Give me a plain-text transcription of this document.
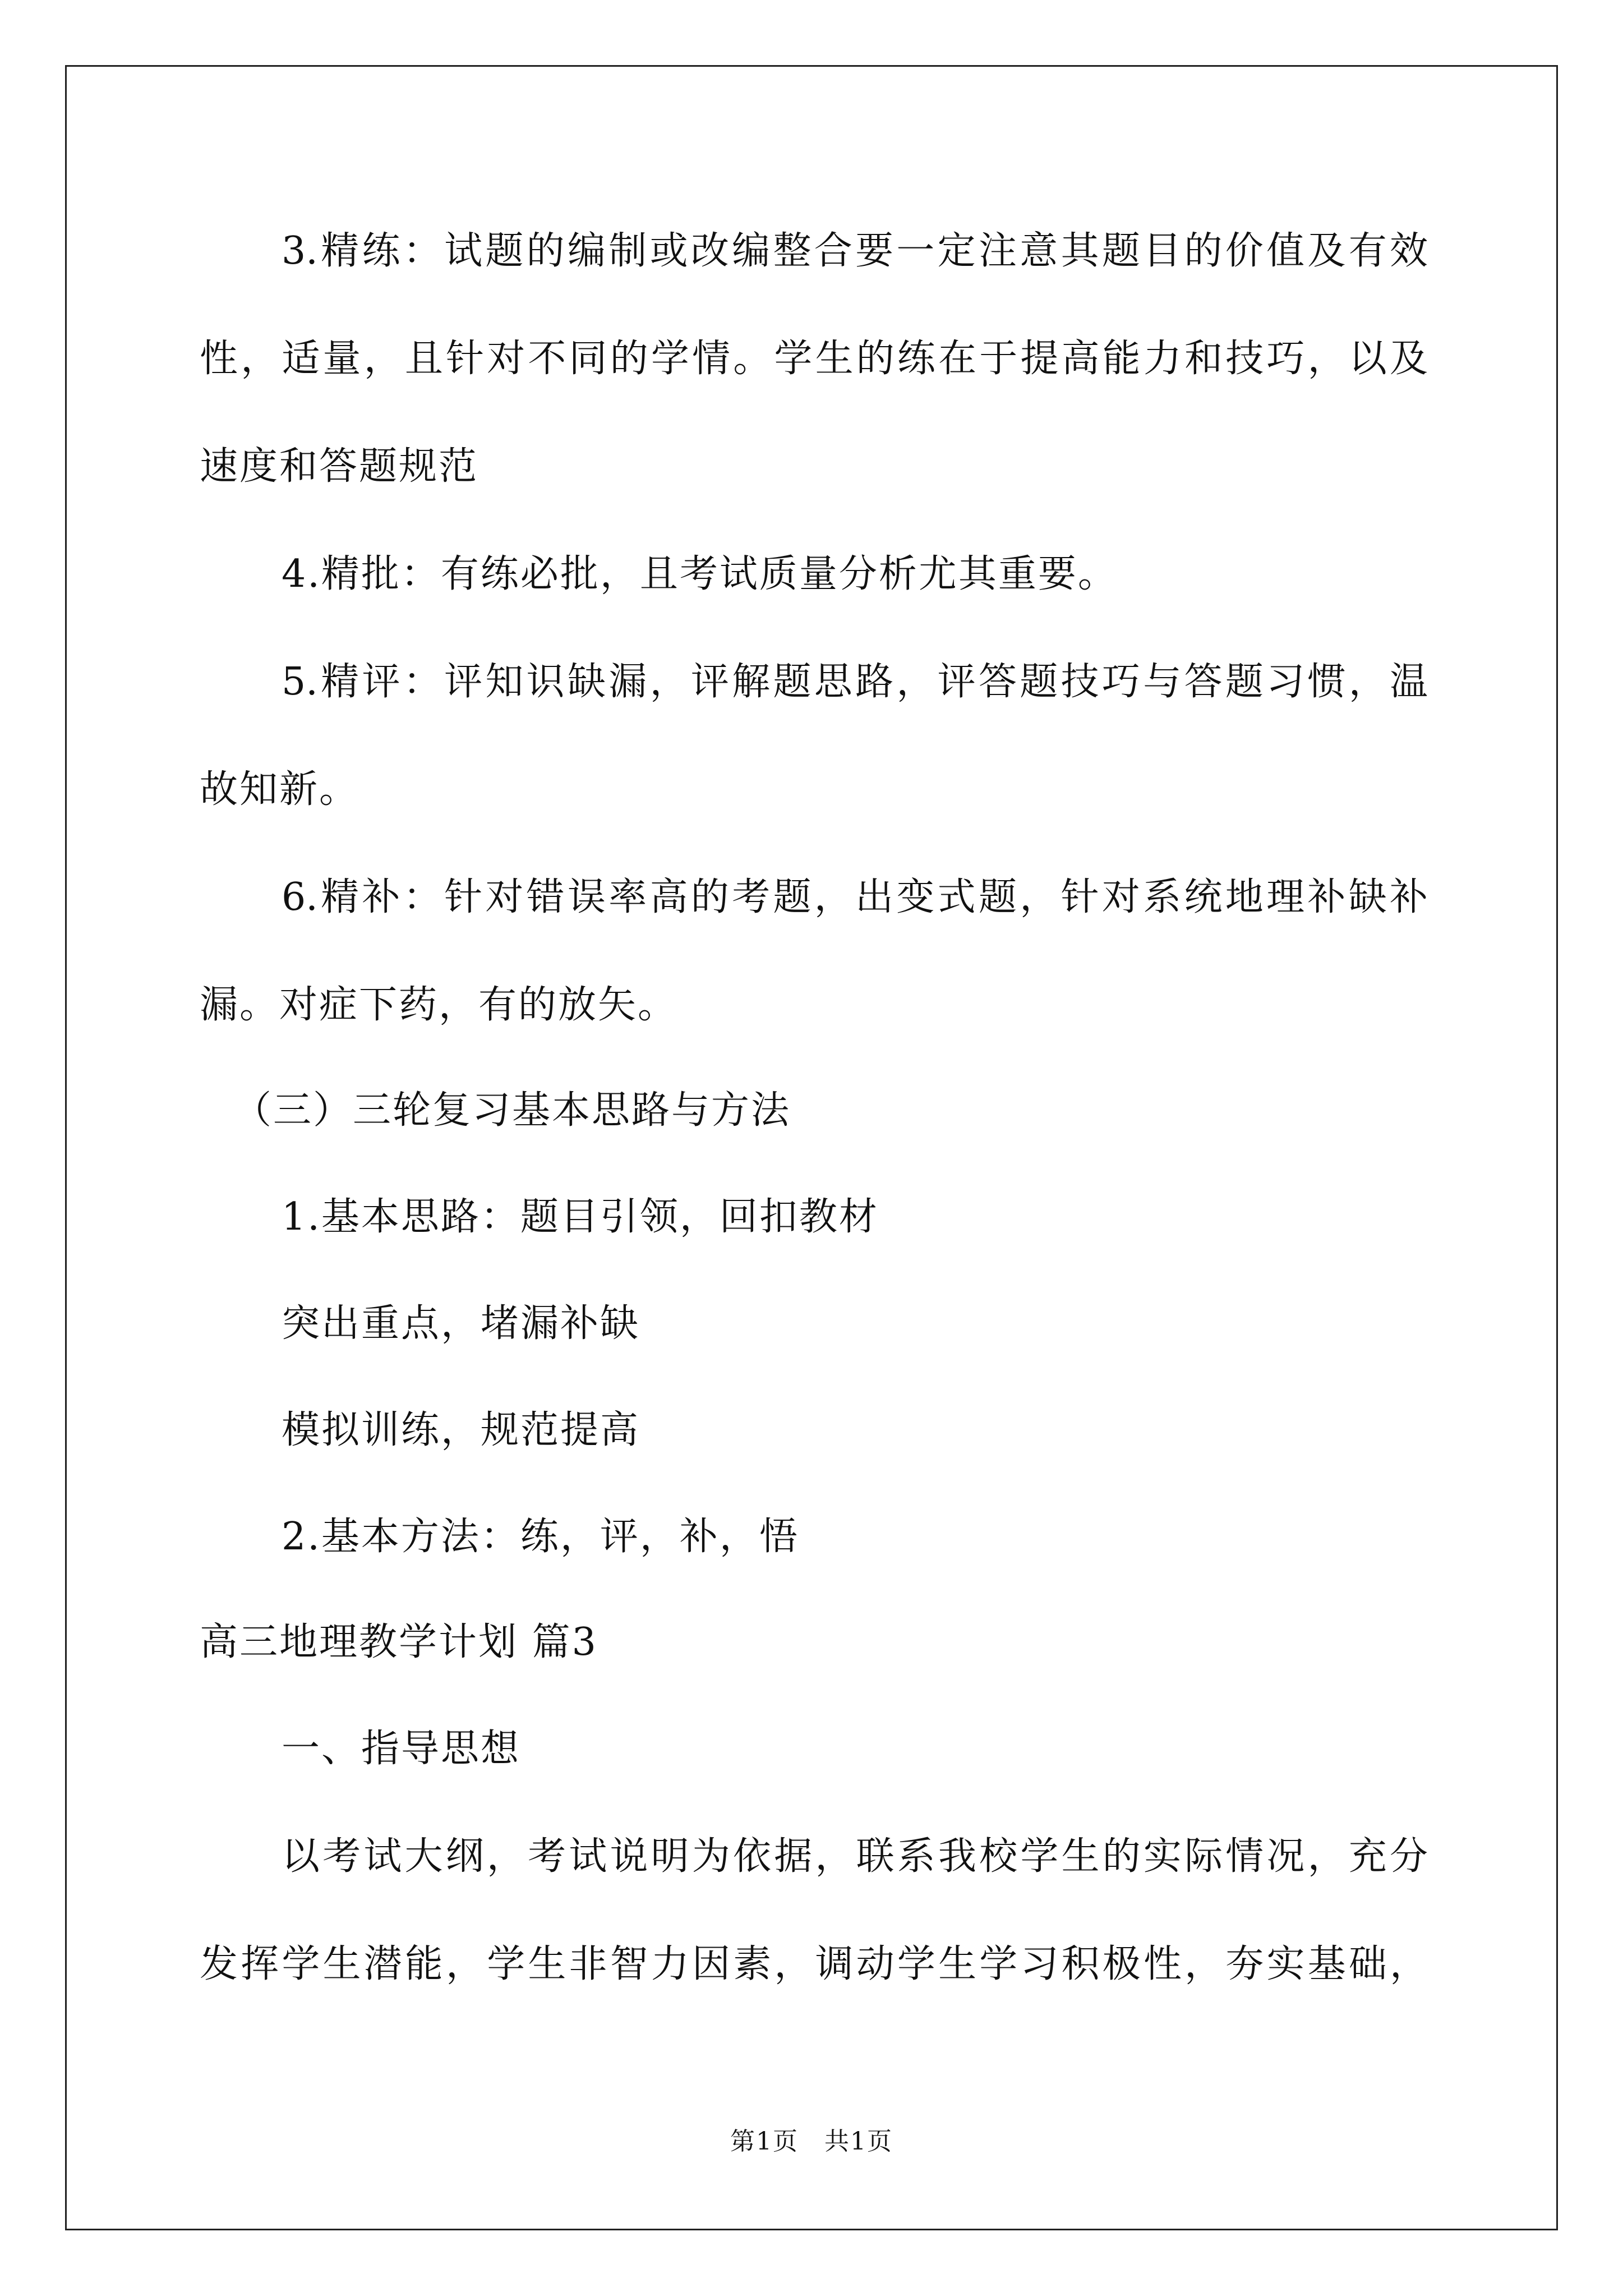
3.精练：试题的编制或改编整合要一定注意其题目的价值及有效
性，适量，且针对不同的学情。学生的练在于提高能力和技巧，以及
速度和答题规范
4.精批：有练必批，且考试质量分析尤其重要。
5.精评：评知识缺漏，评解题思路，评答题技巧与答题习惯，温
故知新。
6.精补：针对错误率高的考题，出变式题，针对系统地理补缺补
漏。对症下药，有的放矢。
（三）三轮复习基本思路与方法
1.基本思路：题目引领，回扣教材
突出重点，堵漏补缺
模拟训练，规范提高
2.基本方法：练，评，补，悟
高三地理教学计划 篇3
一、指导思想
以考试大纲，考试说明为依据，联系我校学生的实际情况，充分
发挥学生潜能，学生非智力因素，调动学生学习积极性，夯实基础，
第1页　共1页
